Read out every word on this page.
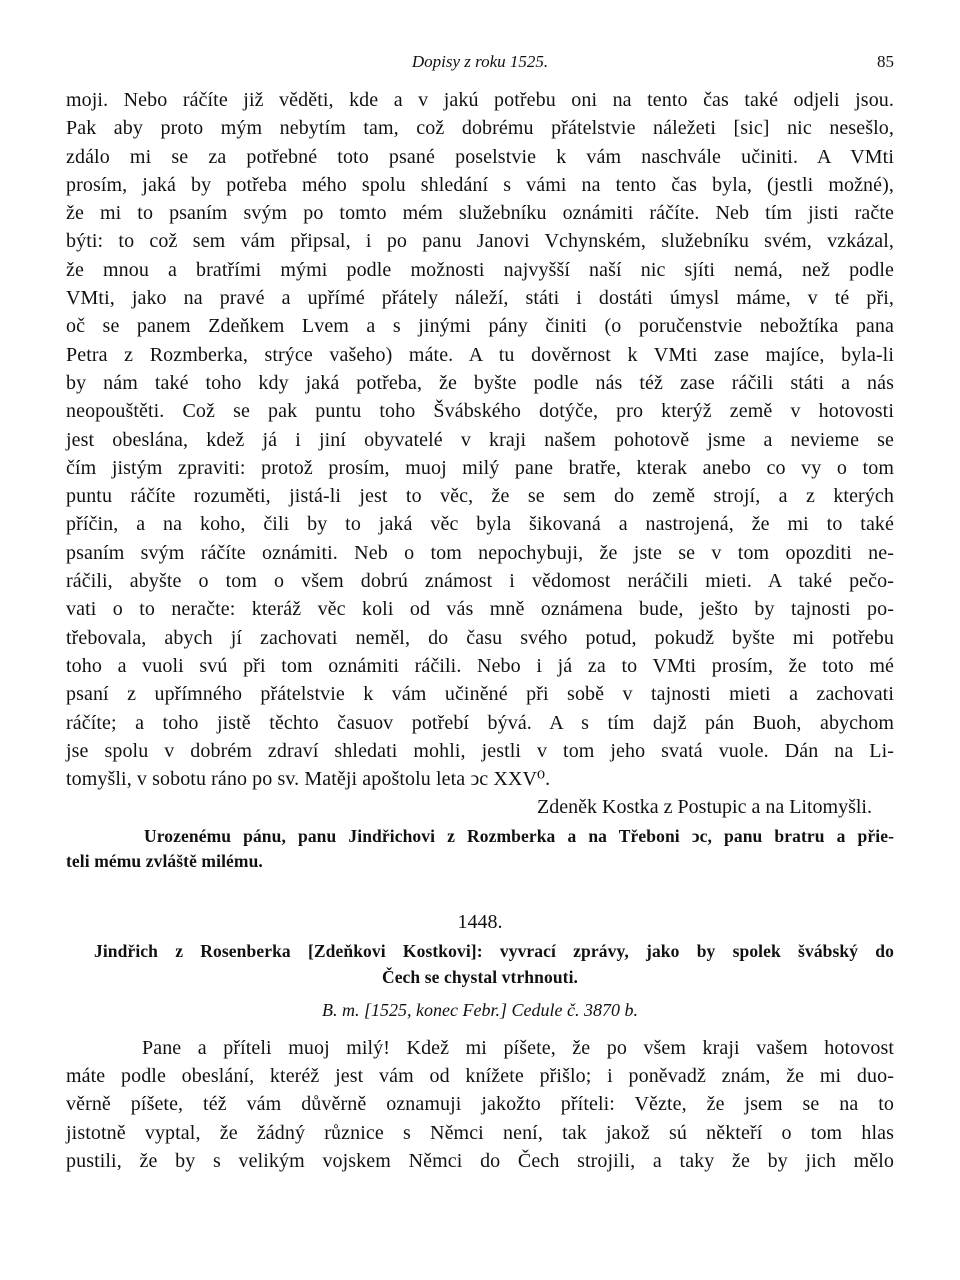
Dopisy z roku 1525.	85
moji. Nebo ráčíte již věděti, kde a v jakú potřebu oni na tento čas také odjeli jsou.
Pak aby proto mým nebytím tam, což dobrému přátelstvie náležeti [sic] nic nesešlo,
zdálo mi se za potřebné toto psané poselstvie k vám naschvále učiniti. A VMti
prosím, jaká by potřeba mého spolu shledání s vámi na tento čas byla, (jestli možné),
že mi to psaním svým po tomto mém služebníku oznámiti ráčíte. Neb tím jisti račte
býti: to což sem vám připsal, i po panu Janovi Vchynském, služebníku svém, vzkázal,
že mnou a bratřími mými podle možnosti najvyšší naší nic sjíti nemá, než podle
VMti, jako na pravé a upřímé přátely náleží, státi i dostáti úmysl máme, v té při,
oč se panem Zdeňkem Lvem a s jinými pány činiti (o poručenstvie nebožtíka pana
Petra z Rozmberka, strýce vašeho) máte. A tu dověrnost k VMti zase majíce, byla-li
by nám také toho kdy jaká potřeba, že byšte podle nás též zase ráčili státi a nás
neopouštěti. Což se pak puntu toho Švábského dotýče, pro kterýž země v hotovosti
jest obeslána, kdež já i jiní obyvatelé v kraji našem pohotově jsme a nevieme se
čím jistým zpraviti: protož prosím, muoj milý pane bratře, kterak anebo co vy o tom
puntu ráčíte rozuměti, jistá-li jest to věc, že se sem do země strojí, a z kterých
příčin, a na koho, čili by to jaká věc byla šikovaná a nastrojená, že mi to také
psaním svým ráčíte oznámiti. Neb o tom nepochybuji, že jste se v tom opozditi ne-
ráčili, abyšte o tom o všem dobrú známost i vědomost neráčili mieti. A také pečo-
vati o to neračte: kteráž věc koli od vás mně oznámena bude, ješto by tajnosti po-
třebovala, abych jí zachovati neměl, do času svého potud, pokudž byšte mi potřebu
toho a vuoli svú při tom oznámiti ráčili. Nebo i já za to VMti prosím, že toto mé
psaní z upřímného přátelstvie k vám učiněné při sobě v tajnosti mieti a zachovati
ráčíte; a toho jistě těchto časuov potřebí bývá. A s tím dajž pán Buoh, abychom
jse spolu v dobrém zdraví shledati mohli, jestli v tom jeho svatá vuole. Dán na Li-
tomyšli, v sobotu ráno po sv. Matěji apoštolu leta ↄc XXV⁰.
Zdeněk Kostka z Postupic a na Litomyšli.
Urozenému pánu, panu Jindřichovi z Rozmberka a na Třeboni ↄc, panu bratru a přie-
teli mému zvláště milému.
1448.
Jindřich z Rosenberka [Zdeňkovi Kostkovi]: vyvrací zprávy, jako by spolek švábský do
Čech se chystal vtrhnouti.
B. m. [1525, konec Febr.] Cedule č. 3870 b.
Pane a příteli muoj milý! Kdež mi píšete, že po všem kraji vašem hotovost
máte podle obeslání, kteréž jest vám od knížete přišlo; i poněvadž znám, že mi duo-
věrně píšete, též vám důvěrně oznamuji jakožto příteli: Vězte, že jsem se na to
jistotně vyptal, že žádný různice s Němci není, tak jakož sú někteří o tom hlas
pustili, že by s velikým vojskem Němci do Čech strojili, a taky že by jich mělo
